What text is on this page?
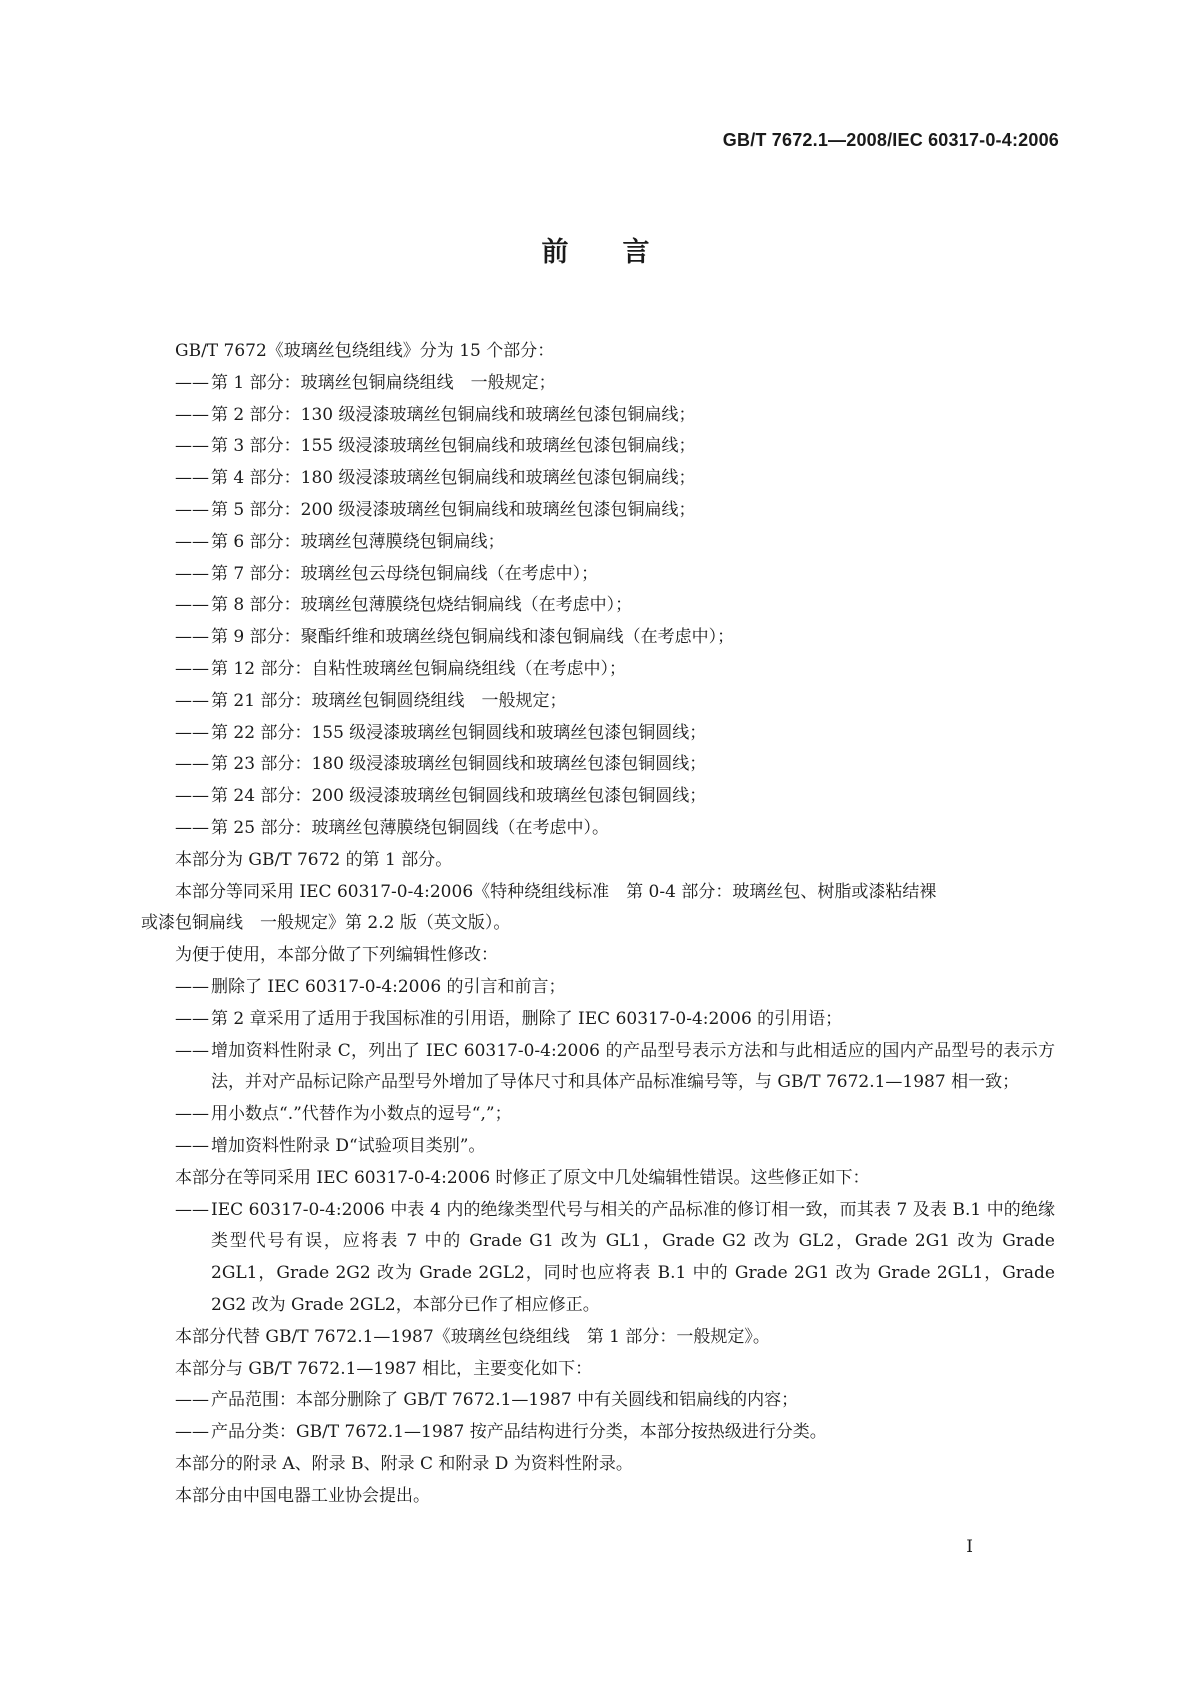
GB/T 7672.1—2008/IEC 60317-0-4:2006
前　　言
GB/T 7672《玻璃丝包绕组线》分为 15 个部分：
—— 第 1 部分：玻璃丝包铜扁绕组线　一般规定；
—— 第 2 部分：130 级浸漆玻璃丝包铜扁线和玻璃丝包漆包铜扁线；
—— 第 3 部分：155 级浸漆玻璃丝包铜扁线和玻璃丝包漆包铜扁线；
—— 第 4 部分：180 级浸漆玻璃丝包铜扁线和玻璃丝包漆包铜扁线；
—— 第 5 部分：200 级浸漆玻璃丝包铜扁线和玻璃丝包漆包铜扁线；
—— 第 6 部分：玻璃丝包薄膜绕包铜扁线；
—— 第 7 部分：玻璃丝包云母绕包铜扁线（在考虑中）；
—— 第 8 部分：玻璃丝包薄膜绕包烧结铜扁线（在考虑中）；
—— 第 9 部分：聚酯纤维和玻璃丝绕包铜扁线和漆包铜扁线（在考虑中）；
—— 第 12 部分：自粘性玻璃丝包铜扁绕组线（在考虑中）；
—— 第 21 部分：玻璃丝包铜圆绕组线　一般规定；
—— 第 22 部分：155 级浸漆玻璃丝包铜圆线和玻璃丝包漆包铜圆线；
—— 第 23 部分：180 级浸漆玻璃丝包铜圆线和玻璃丝包漆包铜圆线；
—— 第 24 部分：200 级浸漆玻璃丝包铜圆线和玻璃丝包漆包铜圆线；
—— 第 25 部分：玻璃丝包薄膜绕包铜圆线（在考虑中）。
本部分为 GB/T 7672 的第 1 部分。
本部分等同采用 IEC 60317-0-4:2006《特种绕组线标准　第 0-4 部分：玻璃丝包、树脂或漆粘结裸
或漆包铜扁线　一般规定》第 2.2 版（英文版）。
为便于使用，本部分做了下列编辑性修改：
—— 删除了 IEC 60317-0-4:2006 的引言和前言；
—— 第 2 章采用了适用于我国标准的引用语，删除了 IEC 60317-0-4:2006 的引用语；
—— 增加资料性附录 C，列出了 IEC 60317-0-4:2006 的产品型号表示方法和与此相适应的国内产品型号的表示方法，并对产品标记除产品型号外增加了导体尺寸和具体产品标准编号等，与 GB/T 7672.1—1987 相一致；
—— 用小数点“.”代替作为小数点的逗号“,”；
—— 增加资料性附录 D“试验项目类别”。
本部分在等同采用 IEC 60317-0-4:2006 时修正了原文中几处编辑性错误。这些修正如下：
—— IEC 60317-0-4:2006 中表 4 内的绝缘类型代号与相关的产品标准的修订相一致，而其表 7 及表 B.1 中的绝缘类型代号有误，应将表 7 中的 Grade G1 改为 GL1，Grade G2 改为 GL2，Grade 2G1 改为 Grade 2GL1，Grade 2G2 改为 Grade 2GL2，同时也应将表 B.1 中的 Grade 2G1 改为 Grade 2GL1，Grade 2G2 改为 Grade 2GL2，本部分已作了相应修正。
本部分代替 GB/T 7672.1—1987《玻璃丝包绕组线　第 1 部分：一般规定》。
本部分与 GB/T 7672.1—1987 相比，主要变化如下：
—— 产品范围：本部分删除了 GB/T 7672.1—1987 中有关圆线和铝扁线的内容；
—— 产品分类：GB/T 7672.1—1987 按产品结构进行分类，本部分按热级进行分类。
本部分的附录 A、附录 B、附录 C 和附录 D 为资料性附录。
本部分由中国电器工业协会提出。
I
